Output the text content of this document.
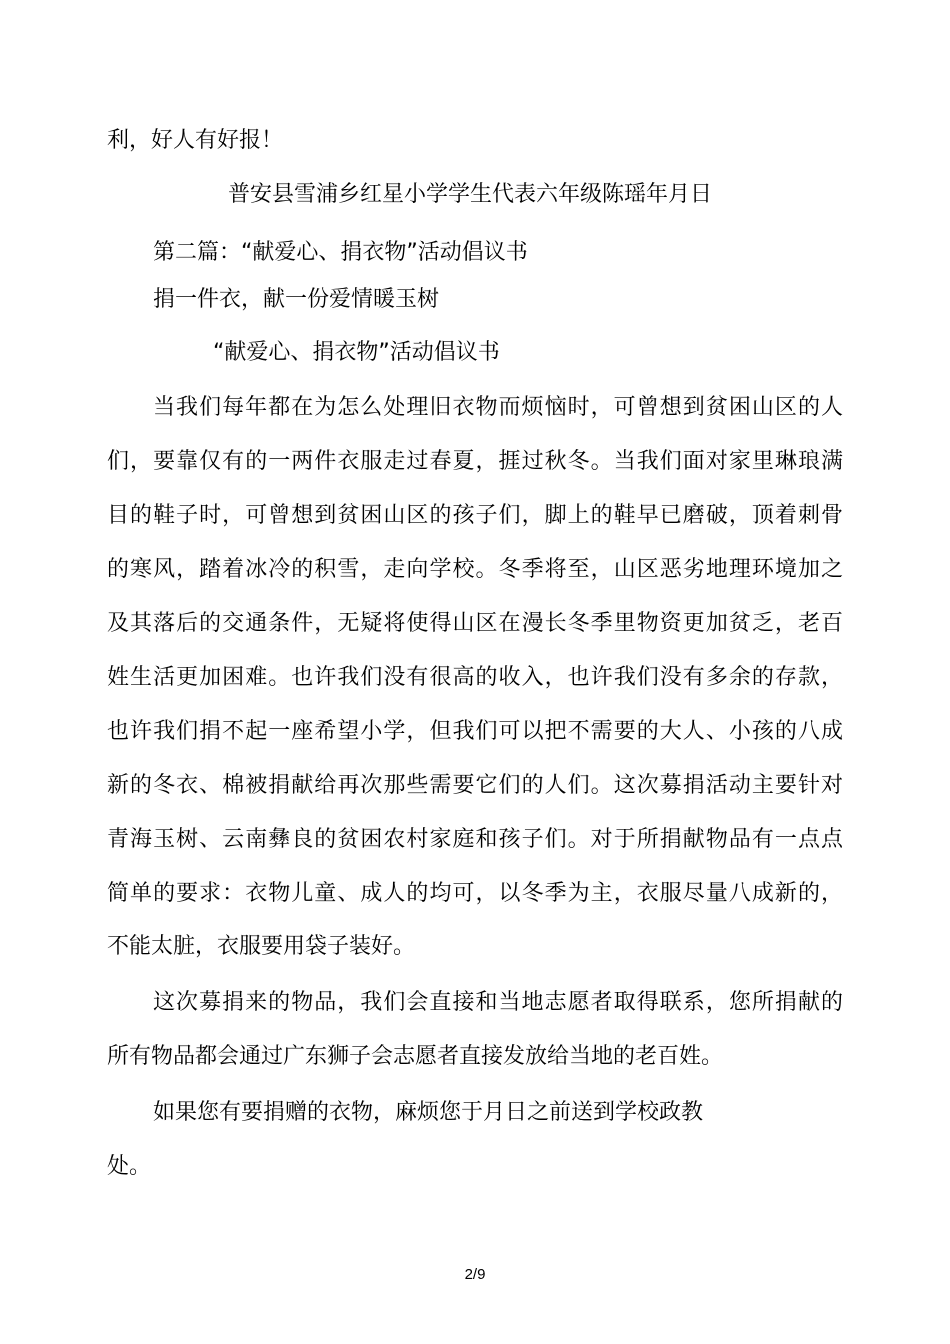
利，好人有好报！
普安县雪浦乡红星小学学生代表六年级陈瑶年月日
第二篇：“献爱心、捐衣物”活动倡议书
捐一件衣，献一份爱情暖玉树
“献爱心、捐衣物”活动倡议书
当我们每年都在为怎么处理旧衣物而烦恼时，可曾想到贫困山区的人
们，要靠仅有的一两件衣服走过春夏，捱过秋冬。当我们面对家里琳琅满
目的鞋子时，可曾想到贫困山区的孩子们，脚上的鞋早已磨破，顶着刺骨
的寒风，踏着冰冷的积雪，走向学校。冬季将至，山区恶劣地理环境加之
及其落后的交通条件，无疑将使得山区在漫长冬季里物资更加贫乏，老百
姓生活更加困难。也许我们没有很高的收入，也许我们没有多余的存款，
也许我们捐不起一座希望小学，但我们可以把不需要的大人、小孩的八成
新的冬衣、棉被捐献给再次那些需要它们的人们。这次募捐活动主要针对
青海玉树、云南彝良的贫困农村家庭和孩子们。对于所捐献物品有一点点
简单的要求：衣物儿童、成人的均可，以冬季为主，衣服尽量八成新的，
不能太脏，衣服要用袋子装好。
这次募捐来的物品，我们会直接和当地志愿者取得联系，您所捐献的
所有物品都会通过广东狮子会志愿者直接发放给当地的老百姓。
如果您有要捐赠的衣物，麻烦您于月日之前送到学校政教
处。
2/9
